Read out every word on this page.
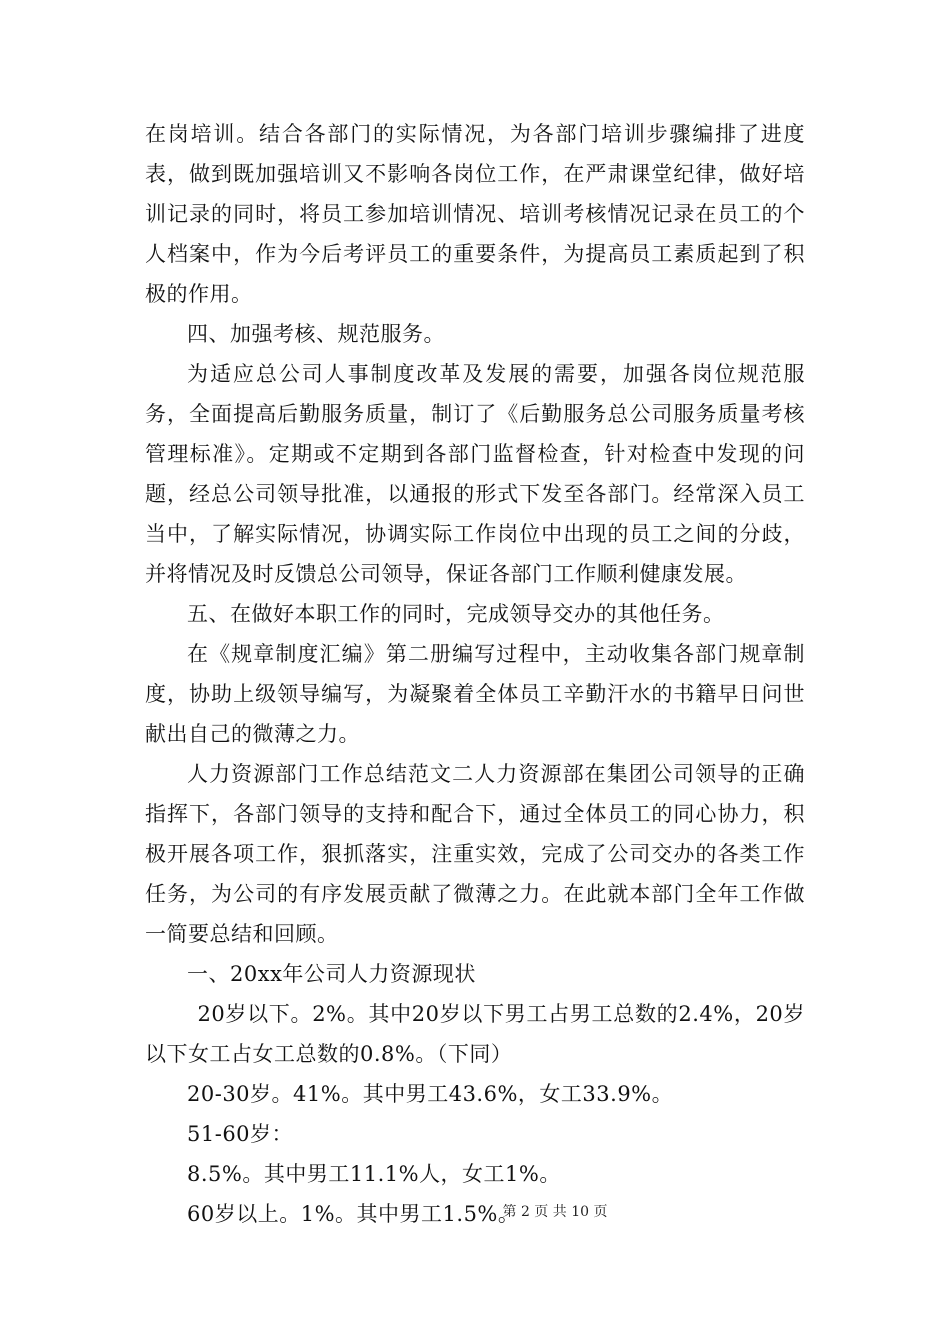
在岗培训。结合各部门的实际情况，为各部门培训步骤编排了进度表，做到既加强培训又不影响各岗位工作，在严肃课堂纪律，做好培训记录的同时，将员工参加培训情况、培训考核情况记录在员工的个人档案中，作为今后考评员工的重要条件，为提高员工素质起到了积极的作用。

四、加强考核、规范服务。

为适应总公司人事制度改革及发展的需要，加强各岗位规范服务，全面提高后勤服务质量，制订了《后勤服务总公司服务质量考核管理标准》。定期或不定期到各部门监督检查，针对检查中发现的问题，经总公司领导批准，以通报的形式下发至各部门。经常深入员工当中，了解实际情况，协调实际工作岗位中出现的员工之间的分歧，并将情况及时反馈总公司领导，保证各部门工作顺利健康发展。

五、在做好本职工作的同时，完成领导交办的其他任务。

在《规章制度汇编》第二册编写过程中，主动收集各部门规章制度，协助上级领导编写，为凝聚着全体员工辛勤汗水的书籍早日问世献出自己的微薄之力。

人力资源部门工作总结范文二人力资源部在集团公司领导的正确指挥下，各部门领导的支持和配合下，通过全体员工的同心协力，积极开展各项工作，狠抓落实，注重实效，完成了公司交办的各类工作任务，为公司的有序发展贡献了微薄之力。在此就本部门全年工作做一简要总结和回顾。

一、20xx年公司人力资源现状

20岁以下。2%。其中20岁以下男工占男工总数的2.4%，20岁以下女工占女工总数的0.8%。（下同）

20-30岁。41%。其中男工43.6%，女工33.9%。

51-60岁：

8.5%。其中男工11.1%人，女工1%。

60岁以上。1%。其中男工1.5%。

第 2 页 共 10 页
